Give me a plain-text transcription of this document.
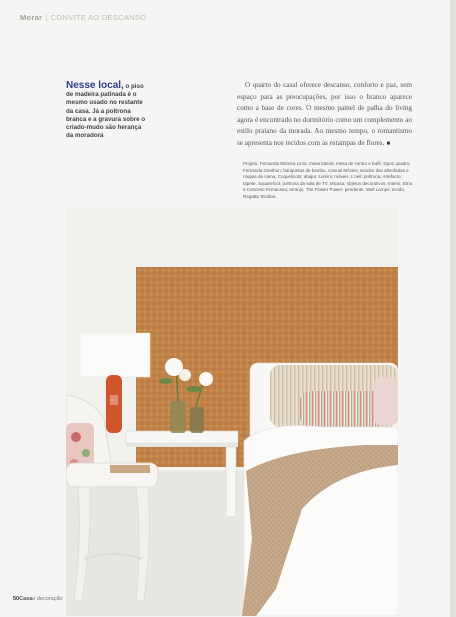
Morar | CONVITE AO DESCANSO
Nesse local, o piso de madeira patinada é o mesmo usado no restante da casa. Já a poltrona branca e a gravura sobre o criado-mudo são herança da moradora
O quarto do casal oferece descanso, conforto e paz, sem espaço para as preocupações, por isso o branco aparece como a base de cores. O mesmo painel de palha do living agora é encontrado no dormitório como um complemento ao estilo praiano da morada. Ao mesmo tempo, o romantismo se apresenta nos tecidos com as estampas de flores. ■
Projeto, Fernanda Moreira Lima; mesa lateral, mesa de centro e bufê, Dpot; quadro, Fernanda Genthon; banquetas de bambu, Casual Móveis; tecidos das almofadas e roupas de cama, Coquelicots; abajur, Lumini; móveis, L'oeil; poltrona, Artefacto; tapete, Squarefoot; poltrona da sala de TV, Micasa; objetos decorativos, Interni, Etna e Conceito Firmacasa; arranjo, The Flower Power; pendente, Wall Lamps; tecido, Regatta Tecidos.
50Casae decoração
